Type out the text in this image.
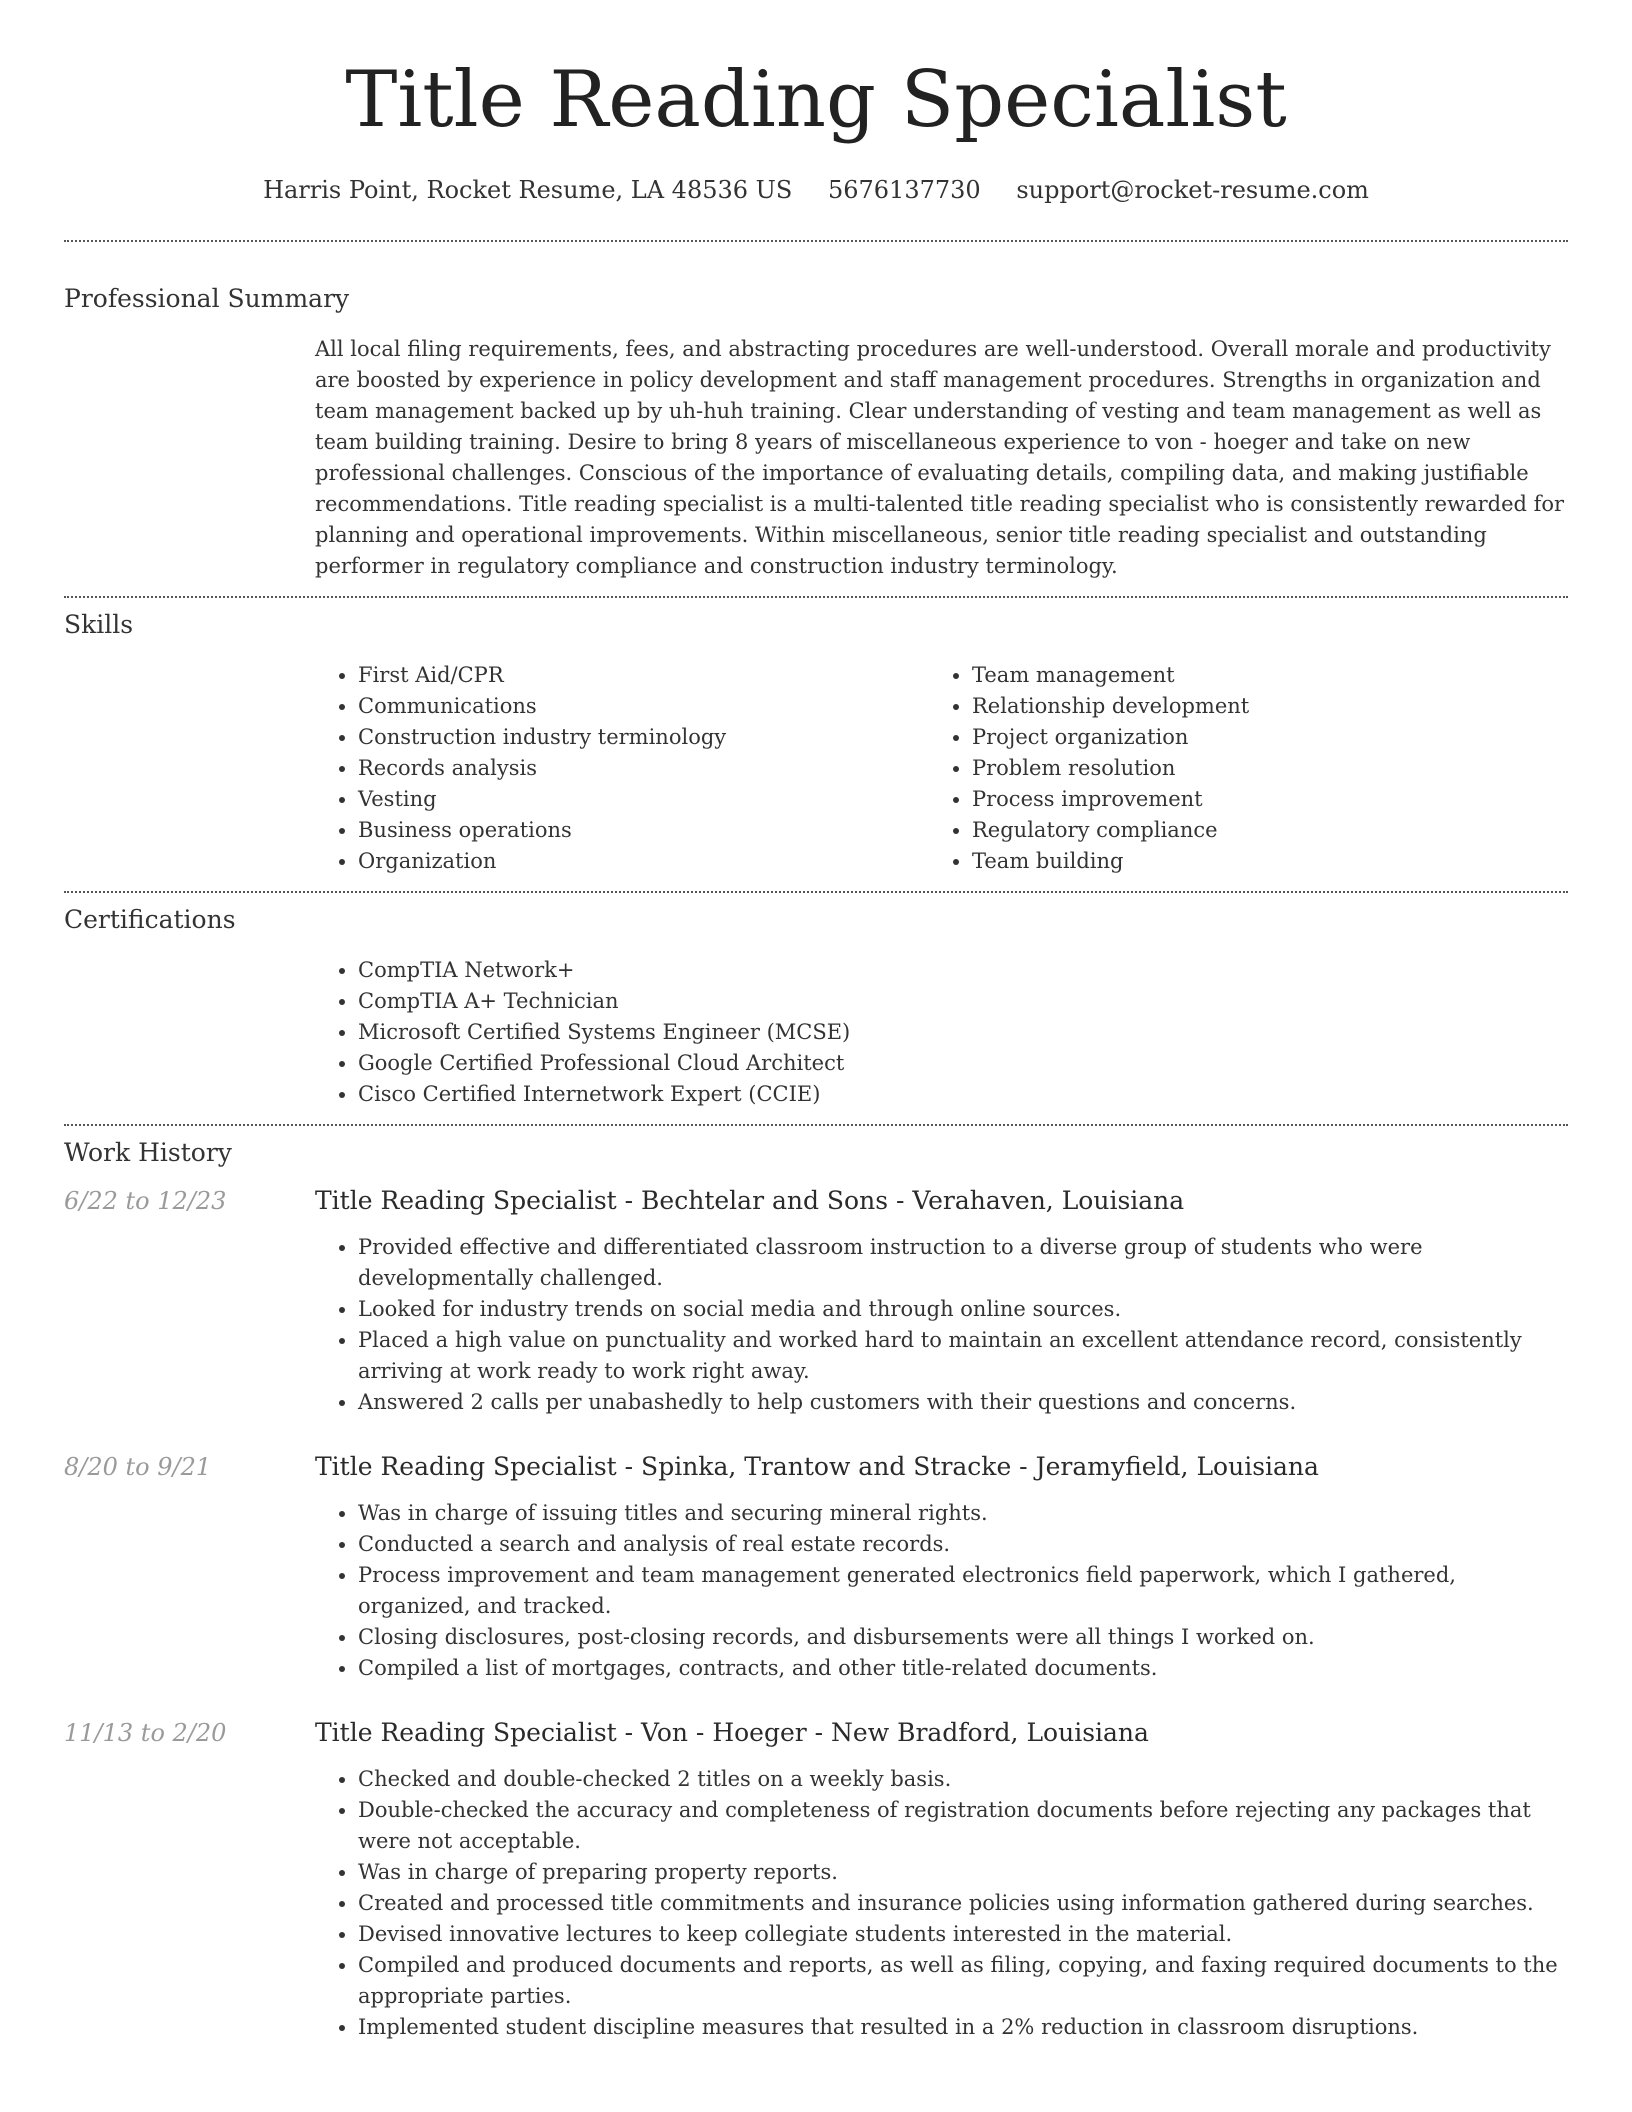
Title Reading Specialist
Harris Point, Rocket Resume, LA 48536 US 5676137730 support@rocket-resume.com
Professional Summary
All local filing requirements, fees, and abstracting procedures are well-understood. Overall morale and productivity are boosted by experience in policy development and staff management procedures. Strengths in organization and team management backed up by uh-huh training. Clear understanding of vesting and team management as well as team building training. Desire to bring 8 years of miscellaneous experience to von - hoeger and take on new professional challenges. Conscious of the importance of evaluating details, compiling data, and making justifiable recommendations. Title reading specialist is a multi-talented title reading specialist who is consistently rewarded for planning and operational improvements. Within miscellaneous, senior title reading specialist and outstanding performer in regulatory compliance and construction industry terminology.
Skills
• First Aid/CPR
• Communications
• Construction industry terminology
• Records analysis
• Vesting
• Business operations
• Organization
• Team management
• Relationship development
• Project organization
• Problem resolution
• Process improvement
• Regulatory compliance
• Team building
Certifications
• CompTIA Network+
• CompTIA A+ Technician
• Microsoft Certified Systems Engineer (MCSE)
• Google Certified Professional Cloud Architect
• Cisco Certified Internetwork Expert (CCIE)
Work History
6/22 to 12/23	Title Reading Specialist - Bechtelar and Sons - Verahaven, Louisiana
• Provided effective and differentiated classroom instruction to a diverse group of students who were developmentally challenged.
• Looked for industry trends on social media and through online sources.
• Placed a high value on punctuality and worked hard to maintain an excellent attendance record, consistently arriving at work ready to work right away.
• Answered 2 calls per unabashedly to help customers with their questions and concerns.
8/20 to 9/21	Title Reading Specialist - Spinka, Trantow and Stracke - Jeramyfield, Louisiana
• Was in charge of issuing titles and securing mineral rights.
• Conducted a search and analysis of real estate records.
• Process improvement and team management generated electronics field paperwork, which I gathered, organized, and tracked.
• Closing disclosures, post-closing records, and disbursements were all things I worked on.
• Compiled a list of mortgages, contracts, and other title-related documents.
11/13 to 2/20	Title Reading Specialist - Von - Hoeger - New Bradford, Louisiana
• Checked and double-checked 2 titles on a weekly basis.
• Double-checked the accuracy and completeness of registration documents before rejecting any packages that were not acceptable.
• Was in charge of preparing property reports.
• Created and processed title commitments and insurance policies using information gathered during searches.
• Devised innovative lectures to keep collegiate students interested in the material.
• Compiled and produced documents and reports, as well as filing, copying, and faxing required documents to the appropriate parties.
• Implemented student discipline measures that resulted in a 2% reduction in classroom disruptions.
